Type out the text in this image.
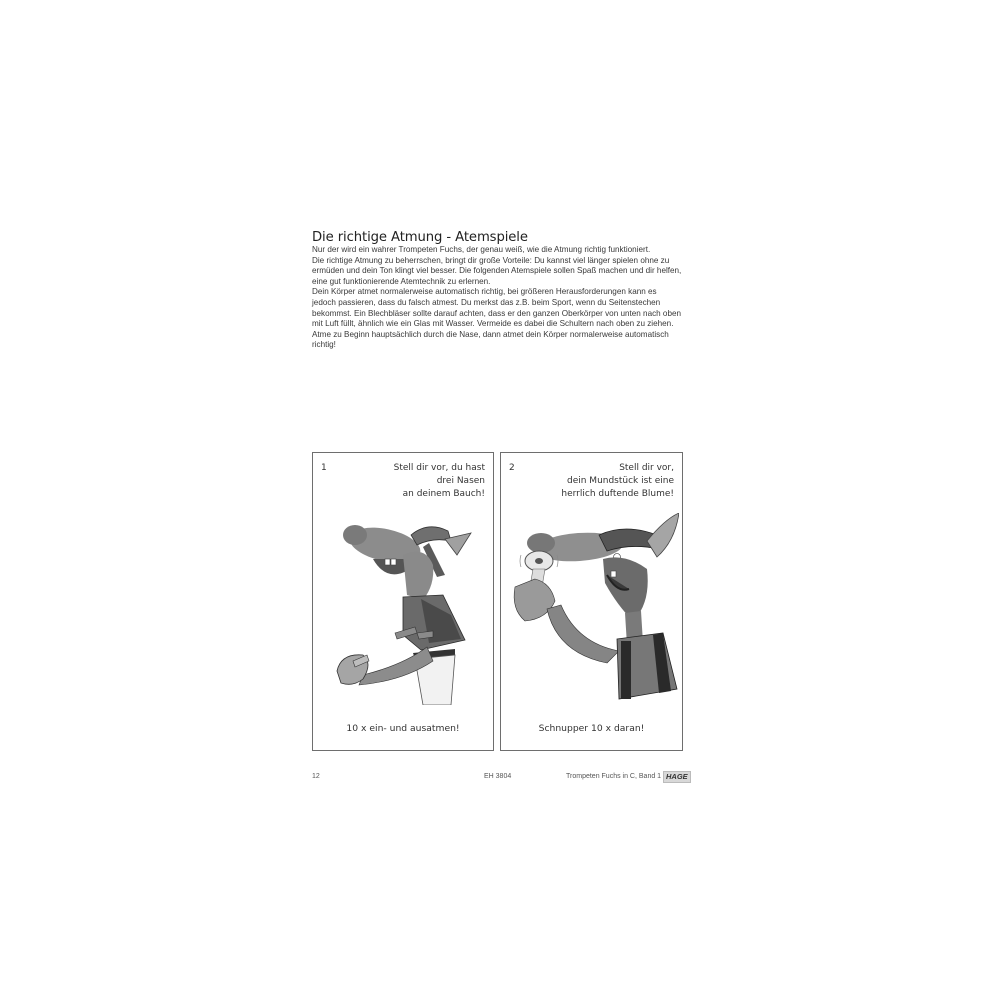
Die richtige Atmung - Atemspiele

Nur der wird ein wahrer Trompeten Fuchs, der genau weiß, wie die Atmung richtig funktioniert.

Die richtige Atmung zu beherrschen, bringt dir große Vorteile: Du kannst viel länger spielen ohne zu

ermüden und dein Ton klingt viel besser. Die folgenden Atemspiele sollen Spaß machen und dir helfen,

eine gut funktionierende Atemtechnik zu erlernen.

Dein Körper atmet normalerweise automatisch richtig, bei größeren Herausforderungen kann es

jedoch passieren, dass du falsch atmest. Du merkst das z.B. beim Sport, wenn du Seitenstechen

bekommst. Ein Blechbläser sollte darauf achten, dass er den ganzen Oberkörper von unten nach oben

mit Luft füllt, ähnlich wie ein Glas mit Wasser. Vermeide es dabei die Schultern nach oben zu ziehen.

Atme zu Beginn hauptsächlich durch die Nase, dann atmet dein Körper normalerweise automatisch

richtig!

1	Stell dir vor, du hast
drei Nasen
an deinem Bauch!
10 x ein- und ausatmen!
2	Stell dir vor,
dein Mundstück ist eine
herrlich duftende Blume!
Schnupper 10 x daran!
12	EH 3804	Trompeten Fuchs in C, Band 1 HAGE
